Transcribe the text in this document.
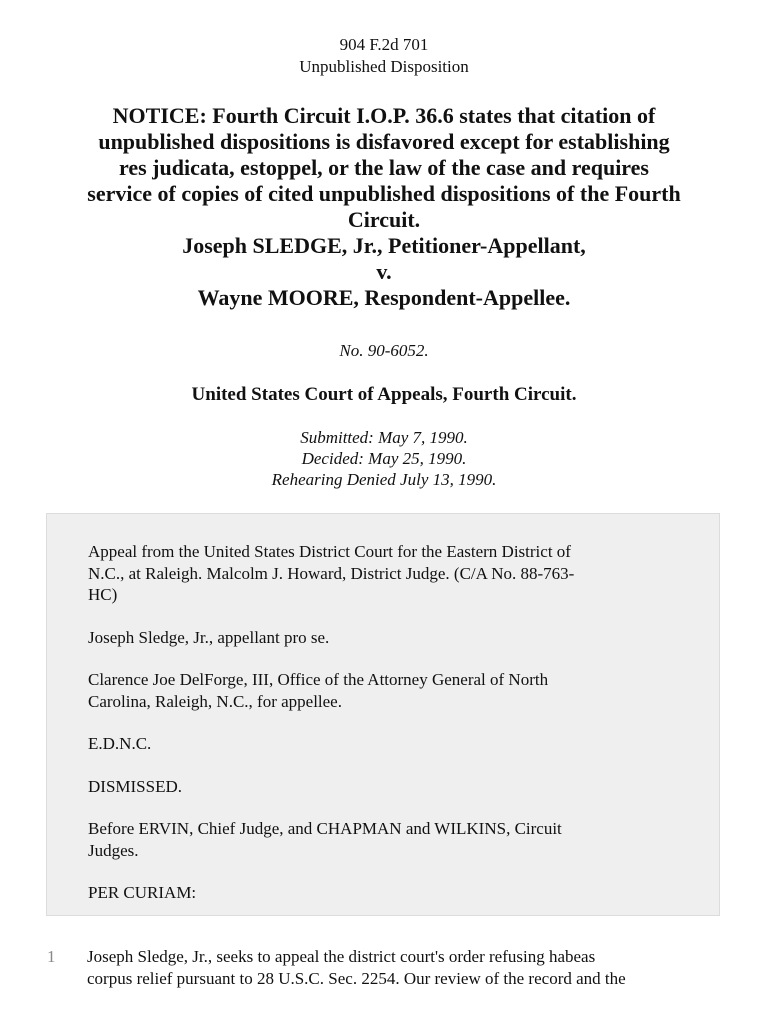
904 F.2d 701
Unpublished Disposition
NOTICE: Fourth Circuit I.O.P. 36.6 states that citation of
unpublished dispositions is disfavored except for establishing
res judicata, estoppel, or the law of the case and requires
service of copies of cited unpublished dispositions of the Fourth
Circuit.
Joseph SLEDGE, Jr., Petitioner-Appellant,
v.
Wayne MOORE, Respondent-Appellee.
No. 90-6052.
United States Court of Appeals, Fourth Circuit.
Submitted: May 7, 1990.
Decided: May 25, 1990.
Rehearing Denied July 13, 1990.

Appeal from the United States District Court for the Eastern District of
N.C., at Raleigh. Malcolm J. Howard, District Judge. (C/A No. 88-763-
HC)

Joseph Sledge, Jr., appellant pro se.

Clarence Joe DelForge, III, Office of the Attorney General of North
Carolina, Raleigh, N.C., for appellee.

E.D.N.C.

DISMISSED.

Before ERVIN, Chief Judge, and CHAPMAN and WILKINS, Circuit
Judges.

PER CURIAM:

1 Joseph Sledge, Jr., seeks to appeal the district court's order refusing habeas
corpus relief pursuant to 28 U.S.C. Sec. 2254. Our review of the record and the
